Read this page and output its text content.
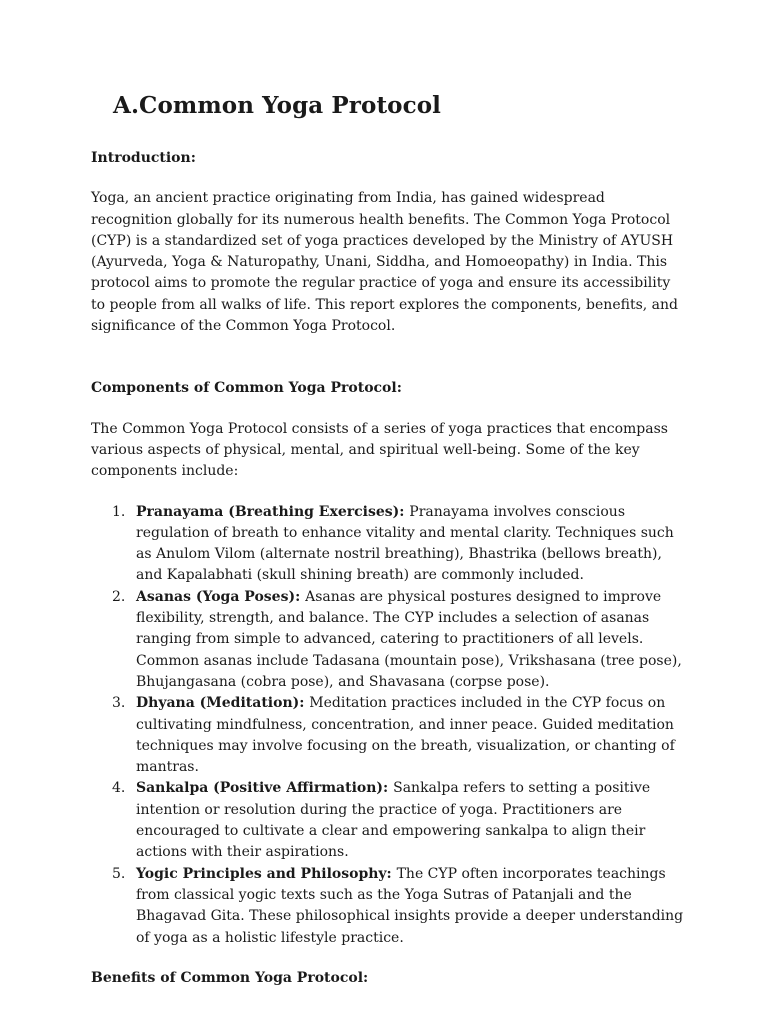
A.Common Yoga Protocol

Introduction:

Yoga, an ancient practice originating from India, has gained widespread recognition globally for its numerous health benefits. The Common Yoga Protocol (CYP) is a standardized set of yoga practices developed by the Ministry of AYUSH (Ayurveda, Yoga & Naturopathy, Unani, Siddha, and Homoeopathy) in India. This protocol aims to promote the regular practice of yoga and ensure its accessibility to people from all walks of life. This report explores the components, benefits, and significance of the Common Yoga Protocol.

Components of Common Yoga Protocol:

The Common Yoga Protocol consists of a series of yoga practices that encompass various aspects of physical, mental, and spiritual well-being. Some of the key components include:

1. Pranayama (Breathing Exercises): Pranayama involves conscious regulation of breath to enhance vitality and mental clarity. Techniques such as Anulom Vilom (alternate nostril breathing), Bhastrika (bellows breath), and Kapalabhati (skull shining breath) are commonly included.
2. Asanas (Yoga Poses): Asanas are physical postures designed to improve flexibility, strength, and balance. The CYP includes a selection of asanas ranging from simple to advanced, catering to practitioners of all levels. Common asanas include Tadasana (mountain pose), Vrikshasana (tree pose), Bhujangasana (cobra pose), and Shavasana (corpse pose).
3. Dhyana (Meditation): Meditation practices included in the CYP focus on cultivating mindfulness, concentration, and inner peace. Guided meditation techniques may involve focusing on the breath, visualization, or chanting of mantras.
4. Sankalpa (Positive Affirmation): Sankalpa refers to setting a positive intention or resolution during the practice of yoga. Practitioners are encouraged to cultivate a clear and empowering sankalpa to align their actions with their aspirations.
5. Yogic Principles and Philosophy: The CYP often incorporates teachings from classical yogic texts such as the Yoga Sutras of Patanjali and the Bhagavad Gita. These philosophical insights provide a deeper understanding of yoga as a holistic lifestyle practice.

Benefits of Common Yoga Protocol:
